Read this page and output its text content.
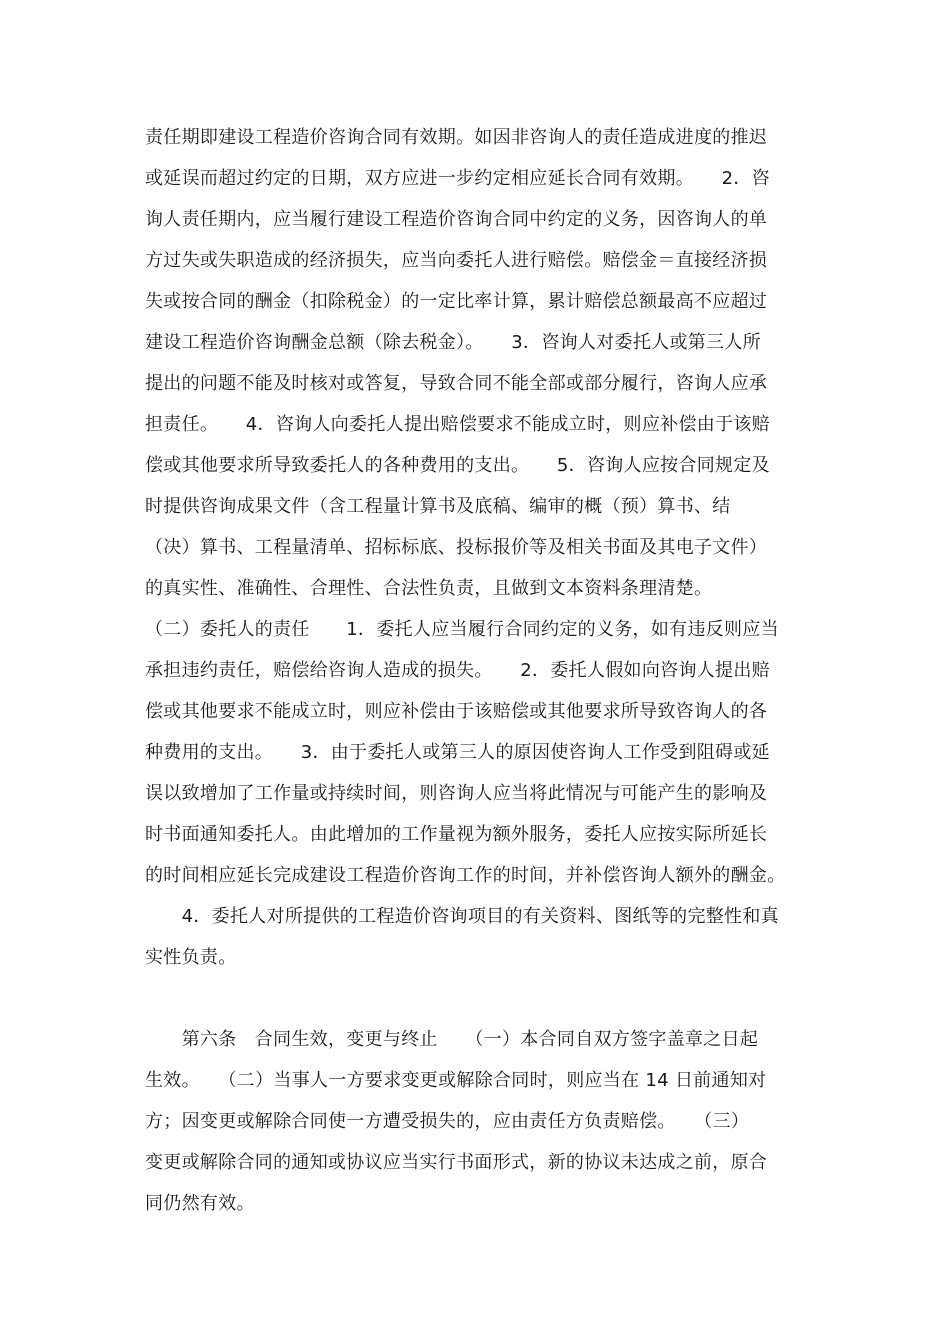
责任期即建设工程造价咨询合同有效期。如因非咨询人的责任造成进度的推迟

或延误而超过约定的日期，双方应进一步约定相应延长合同有效期。　　2．咨

询人责任期内，应当履行建设工程造价咨询合同中约定的义务，因咨询人的单

方过失或失职造成的经济损失，应当向委托人进行赔偿。赔偿金＝直接经济损

失或按合同的酬金（扣除税金）的一定比率计算，累计赔偿总额最高不应超过

建设工程造价咨询酬金总额（除去税金）。　　3．咨询人对委托人或第三人所

提出的问题不能及时核对或答复，导致合同不能全部或部分履行，咨询人应承

担责任。　　4．咨询人向委托人提出赔偿要求不能成立时，则应补偿由于该赔

偿或其他要求所导致委托人的各种费用的支出。　　5．咨询人应按合同规定及

时提供咨询成果文件（含工程量计算书及底稿、编审的概（预）算书、结

（决）算书、工程量清单、招标标底、投标报价等及相关书面及其电子文件）

的真实性、准确性、合理性、合法性负责，且做到文本资料条理清楚。

（二）委托人的责任　　1．委托人应当履行合同约定的义务，如有违反则应当

承担违约责任，赔偿给咨询人造成的损失。　　2．委托人假如向咨询人提出赔

偿或其他要求不能成立时，则应补偿由于该赔偿或其他要求所导致咨询人的各

种费用的支出。　　3．由于委托人或第三人的原因使咨询人工作受到阻碍或延

误以致增加了工作量或持续时间，则咨询人应当将此情况与可能产生的影响及

时书面通知委托人。由此增加的工作量视为额外服务，委托人应按实际所延长

的时间相应延长完成建设工程造价咨询工作的时间，并补偿咨询人额外的酬金。

　　4．委托人对所提供的工程造价咨询项目的有关资料、图纸等的完整性和真

实性负责。

　　第六条　合同生效，变更与终止　　（一）本合同自双方签字盖章之日起

生效。　　（二）当事人一方要求变更或解除合同时，则应当在 14 日前通知对

方；因变更或解除合同使一方遭受损失的，应由责任方负责赔偿。　　（三）

变更或解除合同的通知或协议应当实行书面形式，新的协议未达成之前，原合

同仍然有效。
